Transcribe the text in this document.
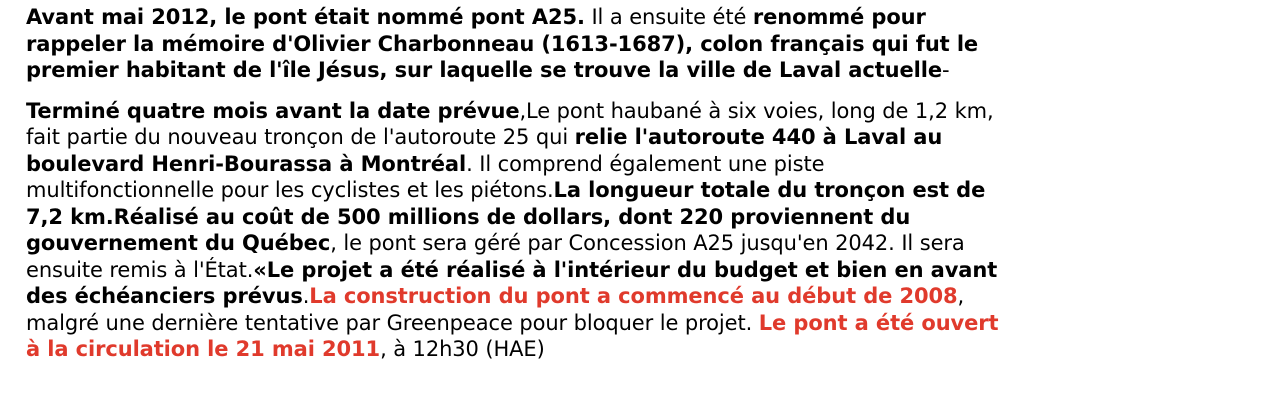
Avant mai 2012, le pont était nommé pont A25. Il a ensuite été renommé pour rappeler la mémoire d'Olivier Charbonneau (1613-1687), colon français qui fut le premier habitant de l'île Jésus, sur laquelle se trouve la ville de Laval actuelle-

Terminé quatre mois avant la date prévue,Le pont haubané à six voies, long de 1,2 km, fait partie du nouveau tronçon de l'autoroute 25 qui relie l'autoroute 440 à Laval au boulevard Henri-Bourassa à Montréal. Il comprend également une piste multifonctionnelle pour les cyclistes et les piétons.La longueur totale du tronçon est de 7,2 km.Réalisé au coût de 500 millions de dollars, dont 220 proviennent du gouvernement du Québec, le pont sera géré par Concession A25 jusqu'en 2042. Il sera ensuite remis à l'État.«Le projet a été réalisé à l'intérieur du budget et bien en avant des échéanciers prévus.La construction du pont a commencé au début de 2008, malgré une dernière tentative par Greenpeace pour bloquer le projet. Le pont a été ouvert à la circulation le 21 mai 2011, à 12h30 (HAE)
